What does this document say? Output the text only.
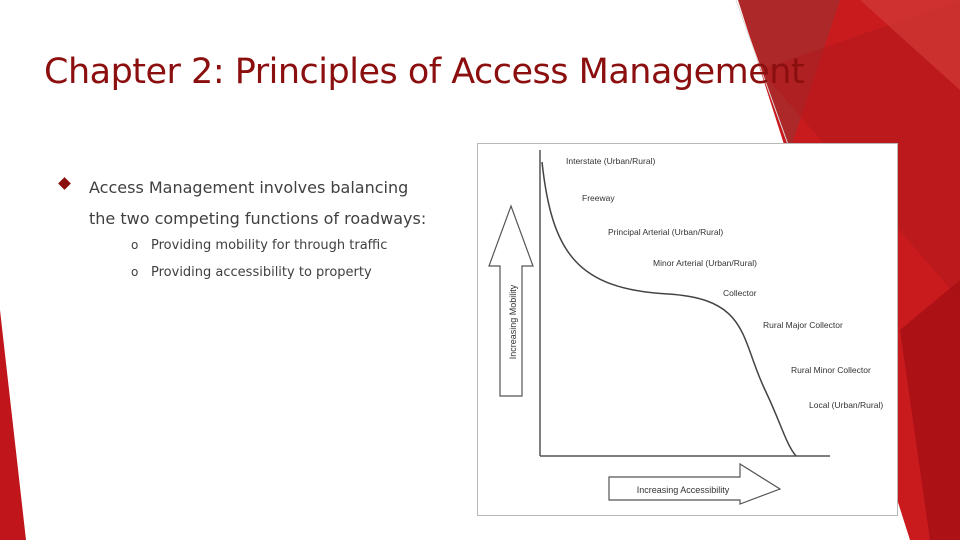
Chapter 2: Principles of Access Management
Access Management involves balancing the two competing functions of roadways:
o Providing mobility for through traffic
o Providing accessibility to property
Increasing Mobility
Increasing Accessibility
Interstate (Urban/Rural)
Freeway
Principal Arterial (Urban/Rural)
Minor Arterial (Urban/Rural)
Collector
Rural Major Collector
Rural Minor Collector
Local (Urban/Rural)
